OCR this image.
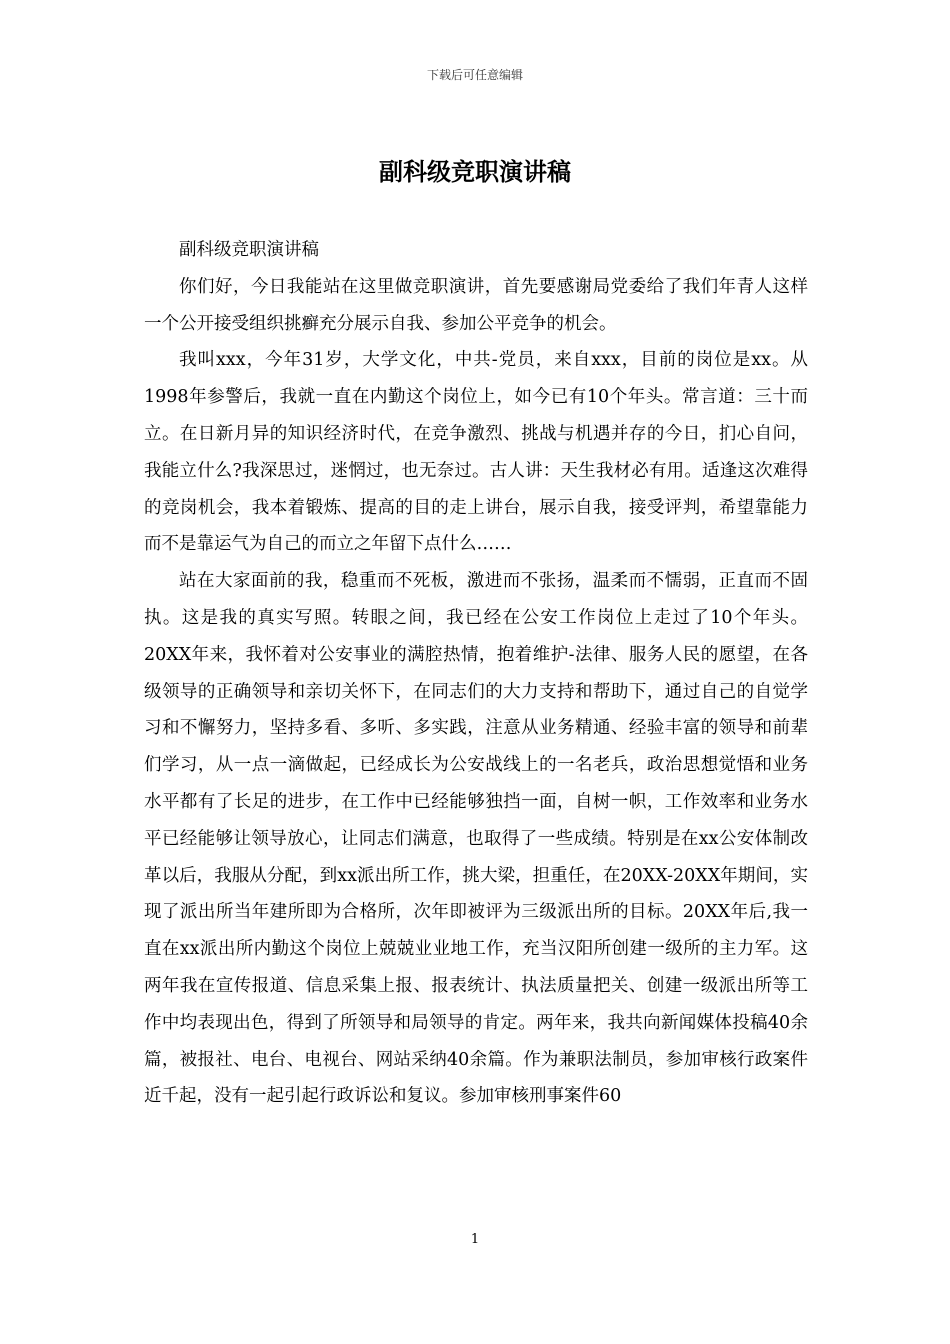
下载后可任意编辑
副科级竞职演讲稿

副科级竞职演讲稿

你们好，今日我能站在这里做竞职演讲，首先要感谢局党委给了我们年青人这样一个公开接受组织挑癣充分展示自我、参加公平竞争的机会。

我叫xxx，今年31岁，大学文化，中共-党员，来自xxx，目前的岗位是xx。从1998年参警后，我就一直在内勤这个岗位上，如今已有10个年头。常言道：三十而立。在日新月异的知识经济时代，在竞争激烈、挑战与机遇并存的今日，扪心自问，我能立什么?我深思过，迷惘过，也无奈过。古人讲：天生我材必有用。适逢这次难得的竞岗机会，我本着锻炼、提高的目的走上讲台，展示自我，接受评判，希望靠能力而不是靠运气为自己的而立之年留下点什么……

站在大家面前的我，稳重而不死板，激进而不张扬，温柔而不懦弱，正直而不固执。这是我的真实写照。转眼之间，我已经在公安工作岗位上走过了10个年头。20XX年来，我怀着对公安事业的满腔热情，抱着维护-法律、服务人民的愿望，在各级领导的正确领导和亲切关怀下，在同志们的大力支持和帮助下，通过自己的自觉学习和不懈努力，坚持多看、多听、多实践，注意从业务精通、经验丰富的领导和前辈们学习，从一点一滴做起，已经成长为公安战线上的一名老兵，政治思想觉悟和业务水平都有了长足的进步，在工作中已经能够独挡一面，自树一帜，工作效率和业务水平已经能够让领导放心，让同志们满意，也取得了一些成绩。特别是在xx公安体制改革以后，我服从分配，到xx派出所工作，挑大梁，担重任，在20XX-20XX年期间，实现了派出所当年建所即为合格所，次年即被评为三级派出所的目标。20XX年后,我一直在xx派出所内勤这个岗位上兢兢业业地工作，充当汉阳所创建一级所的主力军。这两年我在宣传报道、信息采集上报、报表统计、执法质量把关、创建一级派出所等工作中均表现出色，得到了所领导和局领导的肯定。两年来，我共向新闻媒体投稿40余篇，被报社、电台、电视台、网站采纳40余篇。作为兼职法制员，参加审核行政案件近千起，没有一起引起行政诉讼和复议。参加审核刑事案件60

1
